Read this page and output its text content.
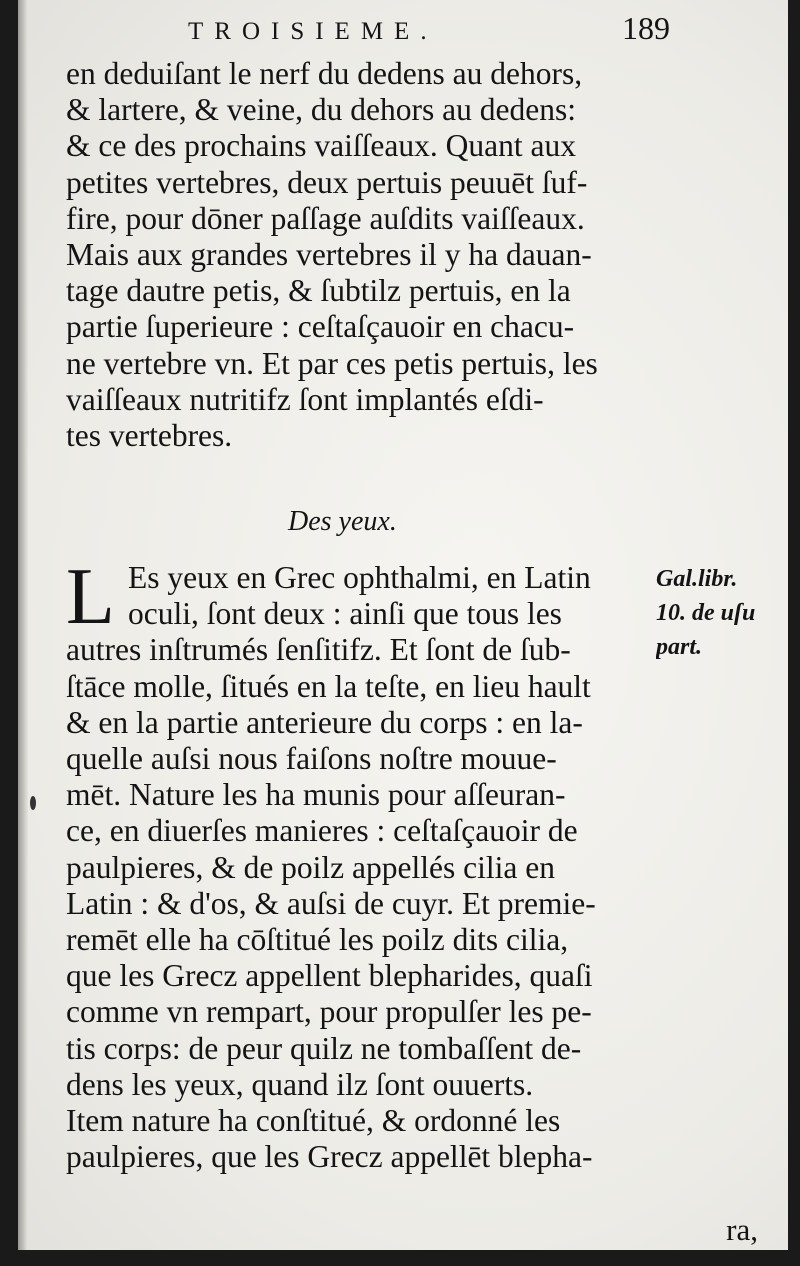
TROISIEME.	189
en deduiſant le nerf du dedens au dehors,
& lartere, & veine, du dehors au dedens:
& ce des prochains vaiſſeaux. Quant aux
petites vertebres, deux pertuis peuuēt ſuf-
fire, pour dōner paſſage auſdits vaiſſeaux.
Mais aux grandes vertebres il y ha dauan-
tage dautre petis, & ſubtilz pertuis, en la
partie ſuperieure : ceſtaſçauoir en chacu-
ne vertebre vn. Et par ces petis pertuis, les
vaiſſeaux nutritifz ſont implantés eſdi-
tes vertebres.
Des yeux.
L Es yeux en Grec ophthalmi, en Latin
oculi, ſont deux : ainſi que tous les
autres inſtrumés ſenſitifz. Et ſont de ſub-
ſtāce molle, ſitués en la teſte, en lieu hault
& en la partie anterieure du corps : en la-
quelle auſsi nous faiſons noſtre mouue-
mēt. Nature les ha munis pour aſſeuran-
ce, en diuerſes manieres : ceſtaſçauoir de
paulpieres, & de poilz appellés cilia en
Latin : & d'os, & auſsi de cuyr. Et premie-
remēt elle ha cōſtitué les poilz dits cilia,
que les Grecz appellent blepharides, quaſi
comme vn rempart, pour propulſer les pe-
tis corps: de peur quilz ne tombaſſent de-
dens les yeux, quand ilz ſont ouuerts.
Item nature ha conſtitué, & ordonné les
paulpieres, que les Grecz appellēt blepha-
Gal.libr.
10. de uſu
part.
ra,
